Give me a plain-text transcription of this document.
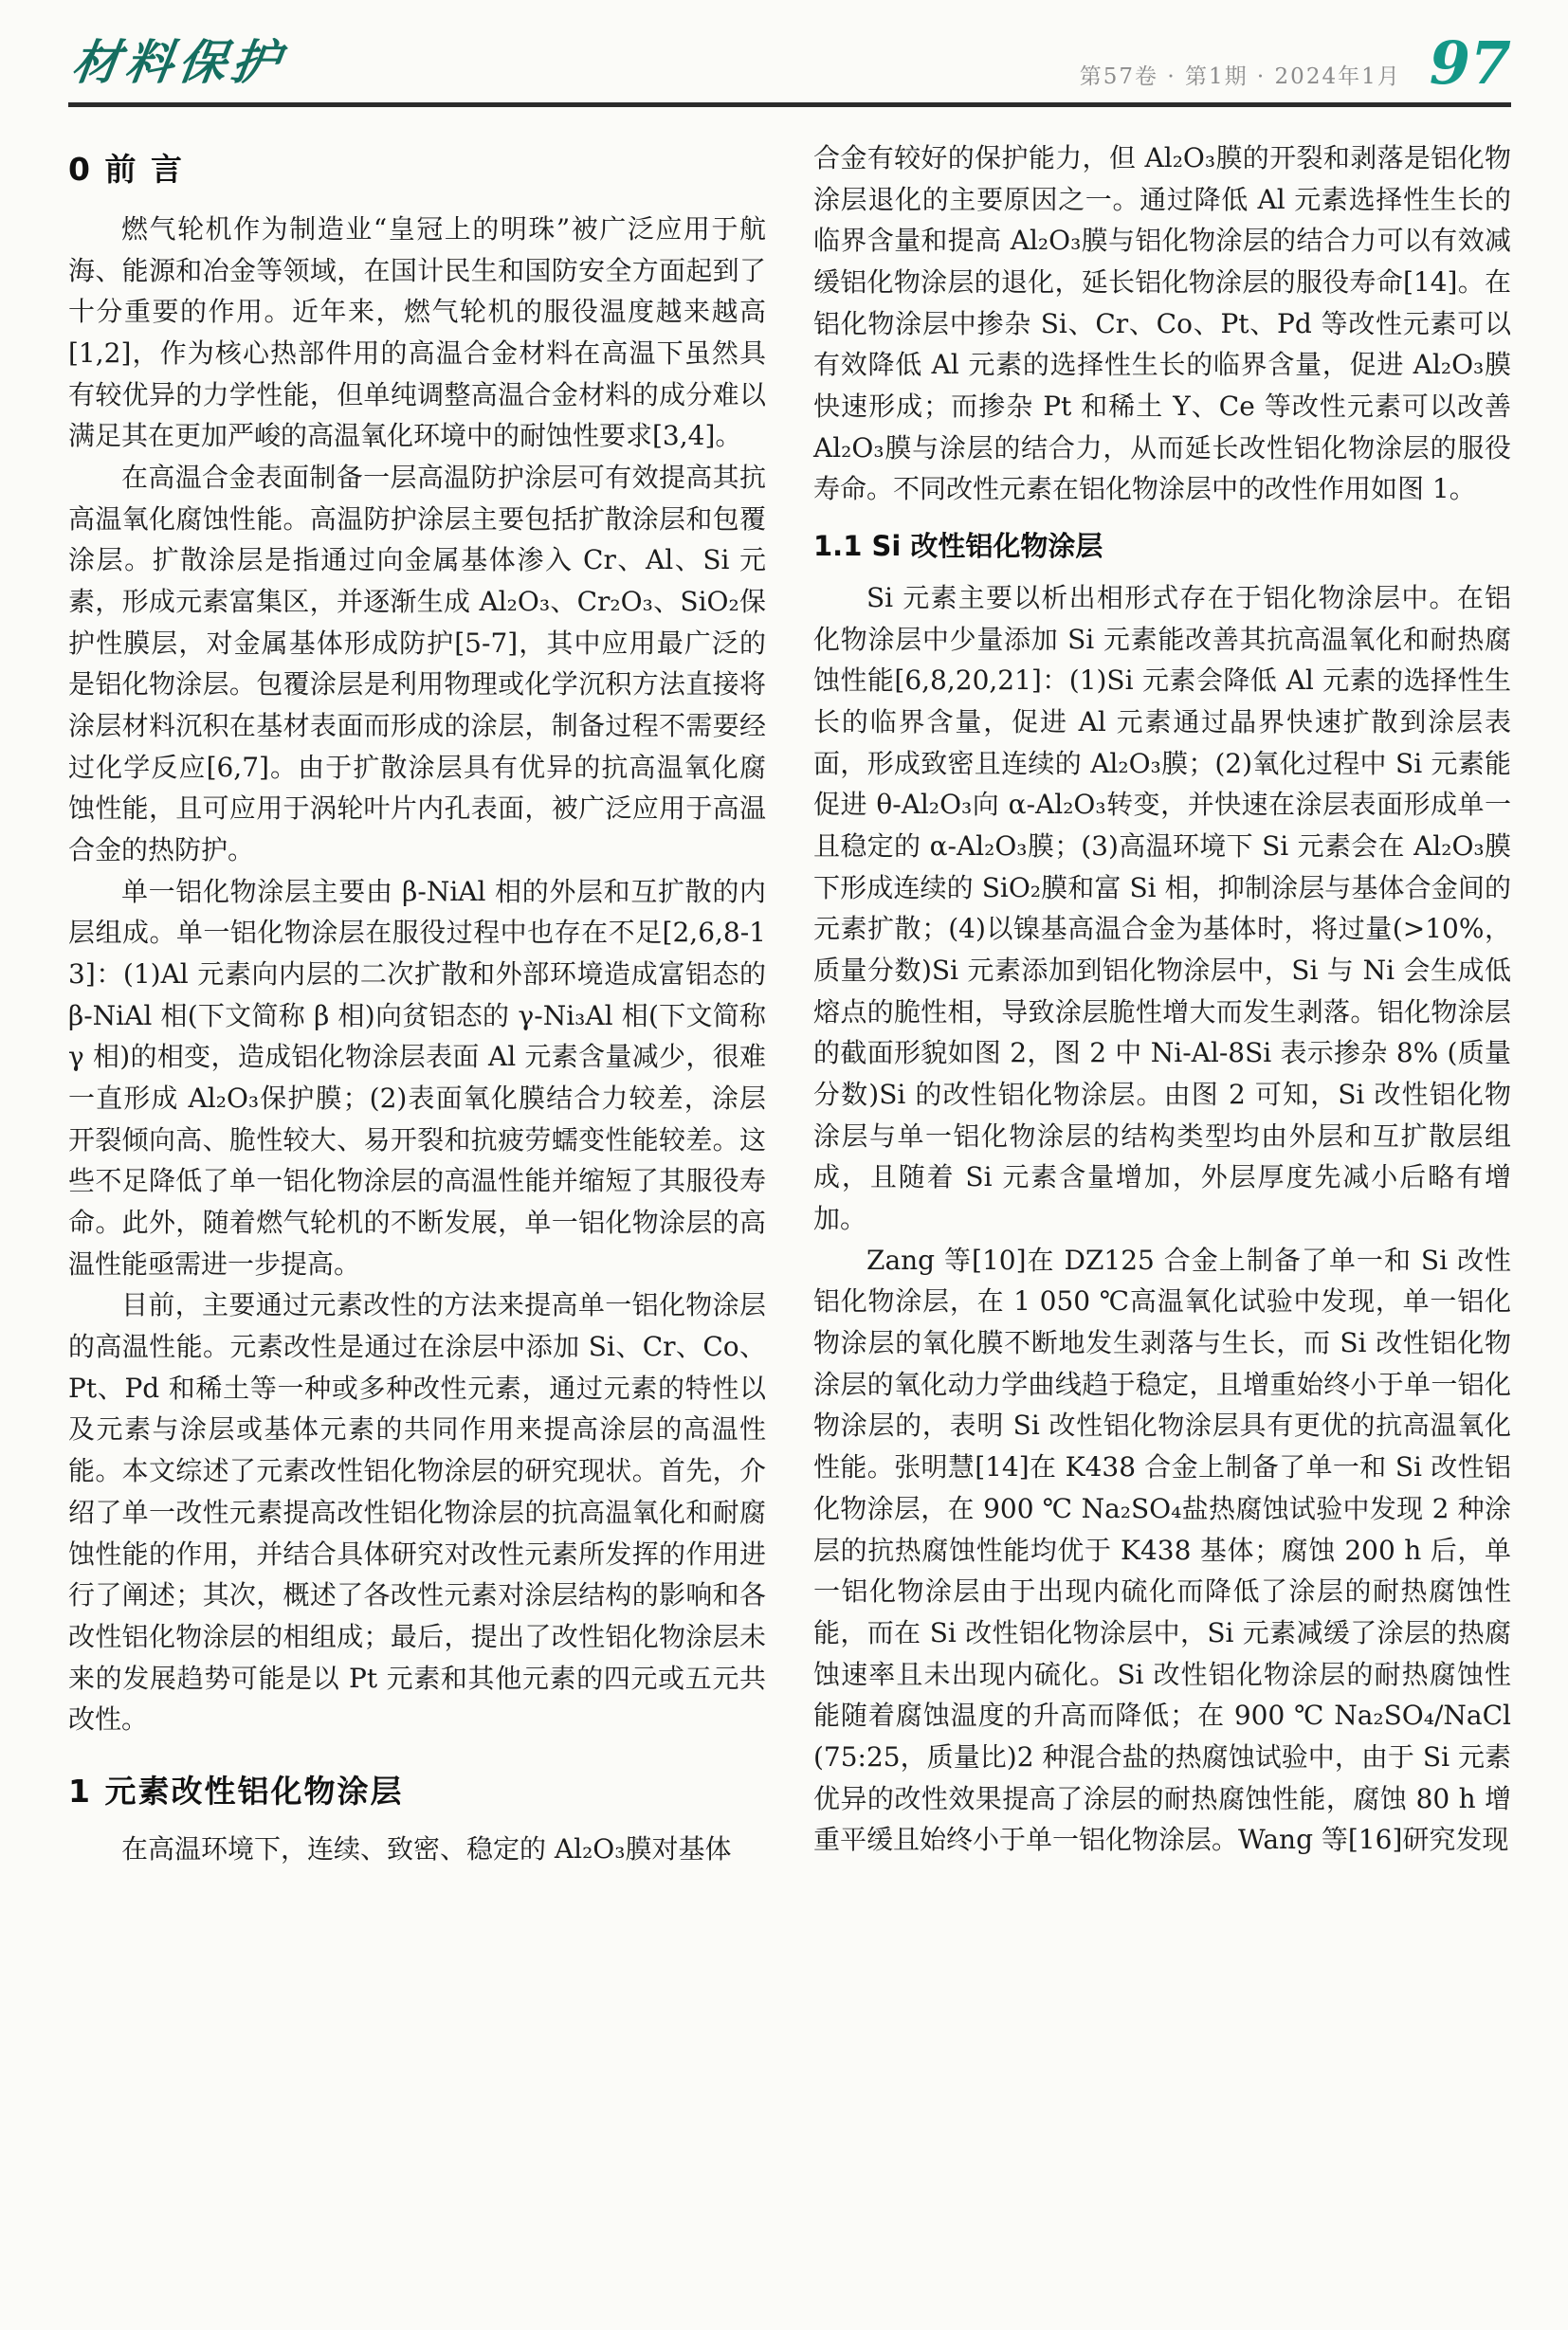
材料保护	第57卷 · 第1期 · 2024年1月 97
0 前 言

燃气轮机作为制造业“皇冠上的明珠”被广泛应用于航海、能源和冶金等领域，在国计民生和国防安全方面起到了十分重要的作用。近年来，燃气轮机的服役温度越来越高[1,2]，作为核心热部件用的高温合金材料在高温下虽然具有较优异的力学性能，但单纯调整高温合金材料的成分难以满足其在更加严峻的高温氧化环境中的耐蚀性要求[3,4]。

在高温合金表面制备一层高温防护涂层可有效提高其抗高温氧化腐蚀性能。高温防护涂层主要包括扩散涂层和包覆涂层。扩散涂层是指通过向金属基体渗入 Cr、Al、Si 元素，形成元素富集区，并逐渐生成 Al₂O₃、Cr₂O₃、SiO₂保护性膜层，对金属基体形成防护[5-7]，其中应用最广泛的是铝化物涂层。包覆涂层是利用物理或化学沉积方法直接将涂层材料沉积在基材表面而形成的涂层，制备过程不需要经过化学反应[6,7]。由于扩散涂层具有优异的抗高温氧化腐蚀性能，且可应用于涡轮叶片内孔表面，被广泛应用于高温合金的热防护。

单一铝化物涂层主要由 β-NiAl 相的外层和互扩散的内层组成。单一铝化物涂层在服役过程中也存在不足[2,6,8-13]：(1)Al 元素向内层的二次扩散和外部环境造成富铝态的 β-NiAl 相(下文简称 β 相)向贫铝态的 γ-Ni₃Al 相(下文简称 γ 相)的相变，造成铝化物涂层表面 Al 元素含量减少，很难一直形成 Al₂O₃保护膜；(2)表面氧化膜结合力较差，涂层开裂倾向高、脆性较大、易开裂和抗疲劳蠕变性能较差。这些不足降低了单一铝化物涂层的高温性能并缩短了其服役寿命。此外，随着燃气轮机的不断发展，单一铝化物涂层的高温性能亟需进一步提高。

目前，主要通过元素改性的方法来提高单一铝化物涂层的高温性能。元素改性是通过在涂层中添加 Si、Cr、Co、Pt、Pd 和稀土等一种或多种改性元素，通过元素的特性以及元素与涂层或基体元素的共同作用来提高涂层的高温性能。本文综述了元素改性铝化物涂层的研究现状。首先，介绍了单一改性元素提高改性铝化物涂层的抗高温氧化和耐腐蚀性能的作用，并结合具体研究对改性元素所发挥的作用进行了阐述；其次，概述了各改性元素对涂层结构的影响和各改性铝化物涂层的相组成；最后，提出了改性铝化物涂层未来的发展趋势可能是以 Pt 元素和其他元素的四元或五元共改性。

1 元素改性铝化物涂层

在高温环境下，连续、致密、稳定的 Al₂O₃膜对基体

合金有较好的保护能力，但 Al₂O₃膜的开裂和剥落是铝化物涂层退化的主要原因之一。通过降低 Al 元素选择性生长的临界含量和提高 Al₂O₃膜与铝化物涂层的结合力可以有效减缓铝化物涂层的退化，延长铝化物涂层的服役寿命[14]。在铝化物涂层中掺杂 Si、Cr、Co、Pt、Pd 等改性元素可以有效降低 Al 元素的选择性生长的临界含量，促进 Al₂O₃膜快速形成；而掺杂 Pt 和稀土 Y、Ce 等改性元素可以改善 Al₂O₃膜与涂层的结合力，从而延长改性铝化物涂层的服役寿命。不同改性元素在铝化物涂层中的改性作用如图 1。

1.1 Si 改性铝化物涂层

Si 元素主要以析出相形式存在于铝化物涂层中。在铝化物涂层中少量添加 Si 元素能改善其抗高温氧化和耐热腐蚀性能[6,8,20,21]：(1)Si 元素会降低 Al 元素的选择性生长的临界含量，促进 Al 元素通过晶界快速扩散到涂层表面，形成致密且连续的 Al₂O₃膜；(2)氧化过程中 Si 元素能促进 θ-Al₂O₃向 α-Al₂O₃转变，并快速在涂层表面形成单一且稳定的 α-Al₂O₃膜；(3)高温环境下 Si 元素会在 Al₂O₃膜下形成连续的 SiO₂膜和富 Si 相，抑制涂层与基体合金间的元素扩散；(4)以镍基高温合金为基体时，将过量(>10%，质量分数)Si 元素添加到铝化物涂层中，Si 与 Ni 会生成低熔点的脆性相，导致涂层脆性增大而发生剥落。铝化物涂层的截面形貌如图 2，图 2 中 Ni-Al-8Si 表示掺杂 8% (质量分数)Si 的改性铝化物涂层。由图 2 可知，Si 改性铝化物涂层与单一铝化物涂层的结构类型均由外层和互扩散层组成，且随着 Si 元素含量增加，外层厚度先减小后略有增加。

Zang 等[10]在 DZ125 合金上制备了单一和 Si 改性铝化物涂层，在 1 050 ℃高温氧化试验中发现，单一铝化物涂层的氧化膜不断地发生剥落与生长，而 Si 改性铝化物涂层的氧化动力学曲线趋于稳定，且增重始终小于单一铝化物涂层的，表明 Si 改性铝化物涂层具有更优的抗高温氧化性能。张明慧[14]在 K438 合金上制备了单一和 Si 改性铝化物涂层，在 900 ℃ Na₂SO₄盐热腐蚀试验中发现 2 种涂层的抗热腐蚀性能均优于 K438 基体；腐蚀 200 h 后，单一铝化物涂层由于出现内硫化而降低了涂层的耐热腐蚀性能，而在 Si 改性铝化物涂层中，Si 元素减缓了涂层的热腐蚀速率且未出现内硫化。Si 改性铝化物涂层的耐热腐蚀性能随着腐蚀温度的升高而降低；在 900 ℃ Na₂SO₄/NaCl (75:25，质量比)2 种混合盐的热腐蚀试验中，由于 Si 元素优异的改性效果提高了涂层的耐热腐蚀性能，腐蚀 80 h 增重平缓且始终小于单一铝化物涂层。Wang 等[16]研究发现
